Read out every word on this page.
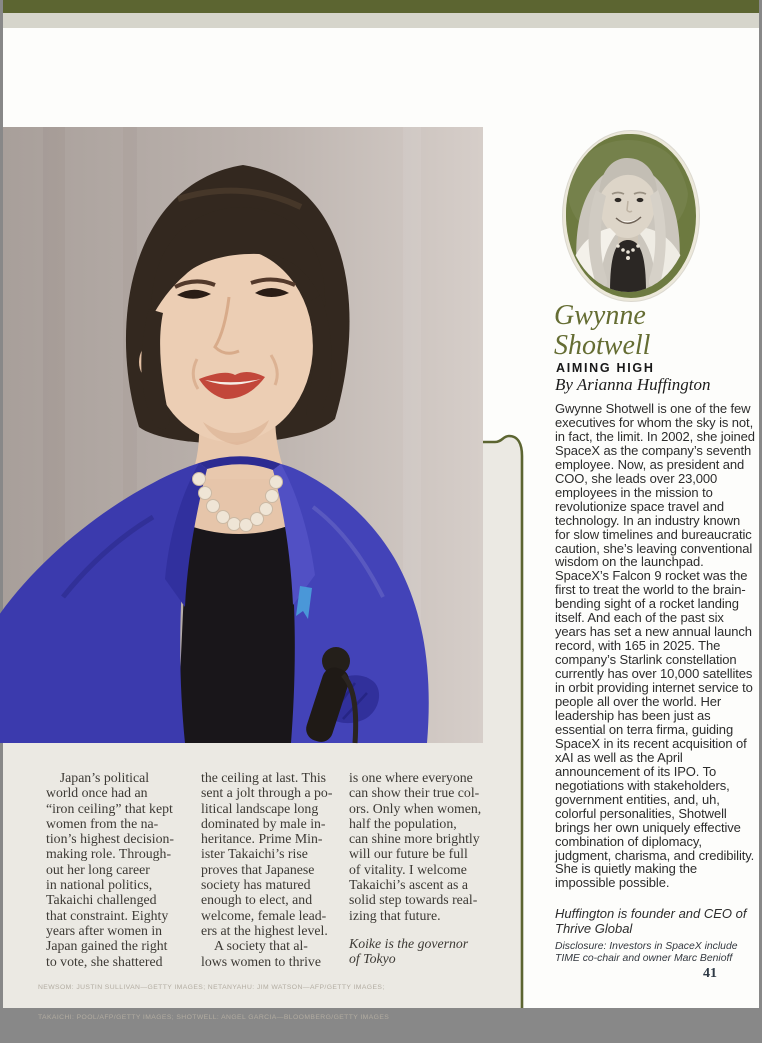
Gwynne
Shotwell
AIMING HIGH
By Arianna Huffington
Gwynne Shotwell is one of the few executives for whom the sky is not, in fact, the limit. In 2002, she joined SpaceX as the company’s seventh employee. Now, as president and COO, she leads over 23,000 employees in the mission to revolutionize space travel and technology. In an industry known for slow timelines and bureaucratic caution, she’s leaving conventional wisdom on the launchpad. SpaceX’s Falcon 9 rocket was the first to treat the world to the brain-bending sight of a rocket landing itself. And each of the past six years has set a new annual launch record, with 165 in 2025. The company’s Starlink constellation currently has over 10,000 satellites in orbit providing internet service to people all over the world. Her leadership has been just as essential on terra firma, guiding SpaceX in its recent acquisition of xAI as well as the April announcement of its IPO. To negotiations with stakeholders, government entities, and, uh, colorful personalities, Shotwell brings her own uniquely effective combination of diplomacy, judgment, charisma, and credibility. She is quietly making the impossible possible.
Huffington is founder and CEO of Thrive Global
Disclosure: Investors in SpaceX include TIME co-chair and owner Marc Benioff
Japan’s political
world once had an
“iron ceiling” that kept
women from the na-
tion’s highest decision-
making role. Through-
out her long career
in national politics,
Takaichi challenged
that constraint. Eighty
years after women in
Japan gained the right
to vote, she shattered
the ceiling at last. This
sent a jolt through a po-
litical landscape long
dominated by male in-
heritance. Prime Min-
ister Takaichi’s rise
proves that Japanese
society has matured
enough to elect, and
welcome, female lead-
ers at the highest level.
A society that al-
lows women to thrive
is one where everyone
can show their true col-
ors. Only when women,
half the population,
can shine more brightly
will our future be full
of vitality. I welcome
Takaichi’s ascent as a
solid step towards real-
izing that future.
Koike is the governor
of Tokyo

NEWSOM: JUSTIN SULLIVAN—GETTY IMAGES; NETANYAHU: JIM WATSON—AFP/GETTY IMAGES;

TAKAICHI: POOL/AFP/GETTY IMAGES; SHOTWELL: ANGEL GARCIA—BLOOMBERG/GETTY IMAGES

41
